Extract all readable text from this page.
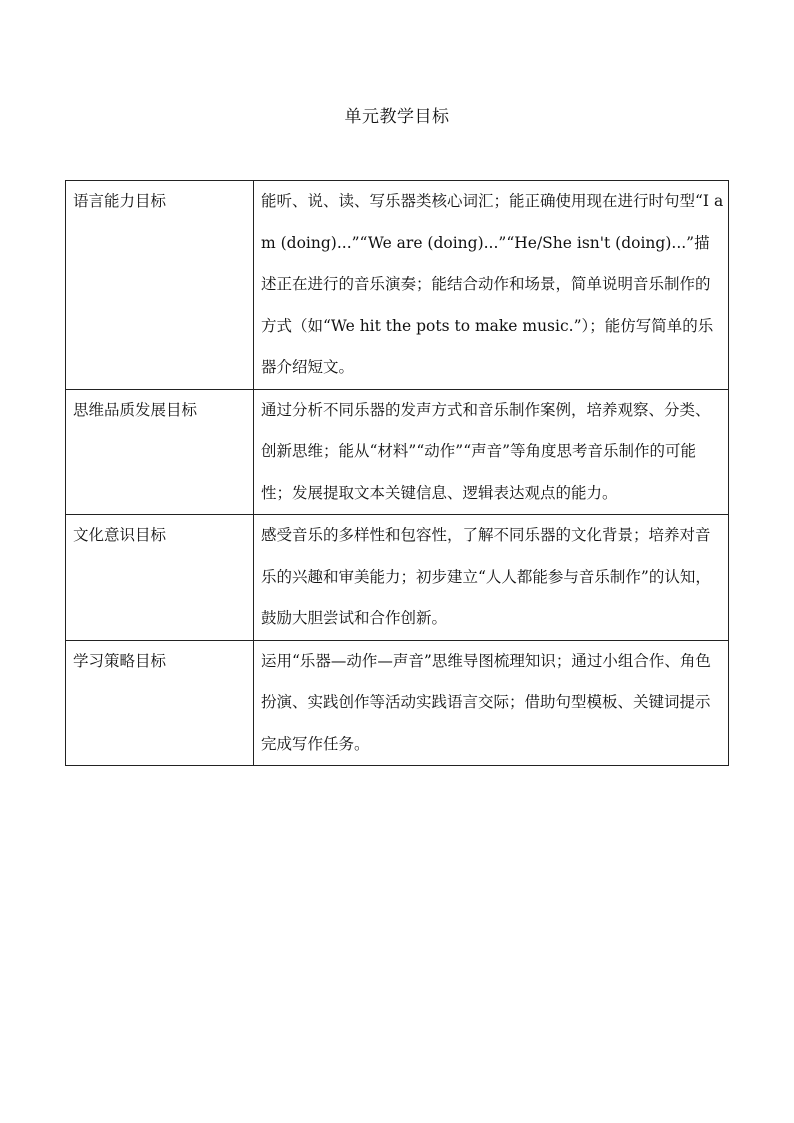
单元教学目标
语言能力目标	能听、说、读、写乐器类核心词汇；能正确使用现在进行时句型“I am (doing)...”“We are (doing)...”“He/She isn't (doing)...”描述正在进行的音乐演奏；能结合动作和场景，简单说明音乐制作的方式（如“We hit the pots to make music.”）；能仿写简单的乐器介绍短文。

思维品质发展目标	通过分析不同乐器的发声方式和音乐制作案例，培养观察、分类、创新思维；能从“材料”“动作”“声音”等角度思考音乐制作的可能性；发展提取文本关键信息、逻辑表达观点的能力。

文化意识目标	感受音乐的多样性和包容性，了解不同乐器的文化背景；培养对音乐的兴趣和审美能力；初步建立“人人都能参与音乐制作”的认知，鼓励大胆尝试和合作创新。

学习策略目标	运用“乐器—动作—声音”思维导图梳理知识；通过小组合作、角色扮演、实践创作等活动实践语言交际；借助句型模板、关键词提示完成写作任务。
